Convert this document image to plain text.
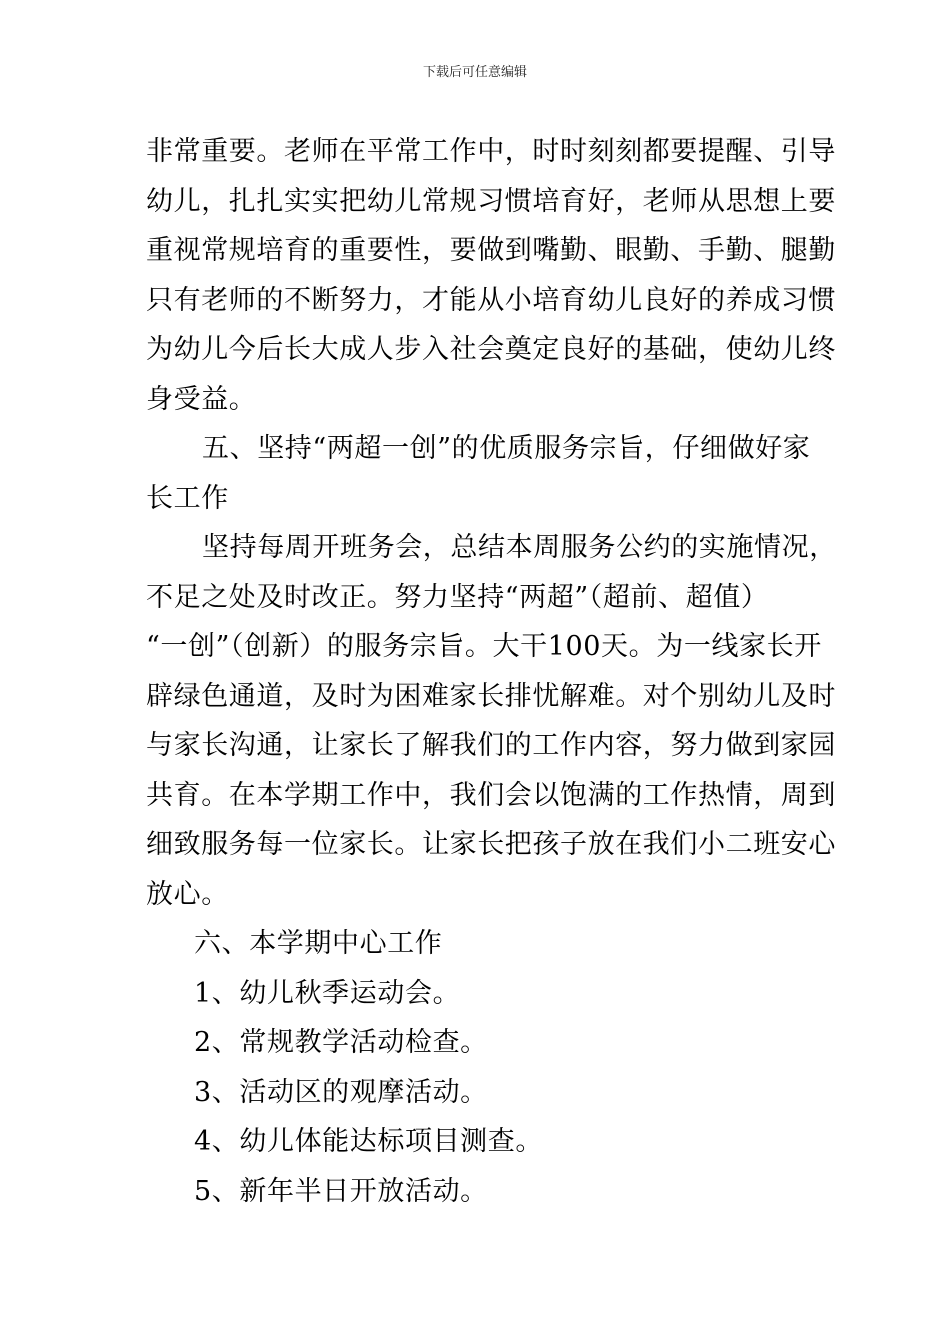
下载后可任意编辑
非常重要。老师在平常工作中，时时刻刻都要提醒、引导
幼儿，扎扎实实把幼儿常规习惯培育好，老师从思想上要
重视常规培育的重要性，要做到嘴勤、眼勤、手勤、腿勤
只有老师的不断努力，才能从小培育幼儿良好的养成习惯
为幼儿今后长大成人步入社会奠定良好的基础，使幼儿终
身受益。
五、坚持“两超一创”的优质服务宗旨，仔细做好家
长工作
坚持每周开班务会，总结本周服务公约的实施情况，
不足之处及时改正。努力坚持“两超”（超前、超值）
“一创”（创新）的服务宗旨。大干100天。为一线家长开
辟绿色通道，及时为困难家长排忧解难。对个别幼儿及时
与家长沟通，让家长了解我们的工作内容，努力做到家园
共育。在本学期工作中，我们会以饱满的工作热情，周到
细致服务每一位家长。让家长把孩子放在我们小二班安心
放心。
六、本学期中心工作
1、幼儿秋季运动会。
2、常规教学活动检查。
3、活动区的观摩活动。
4、幼儿体能达标项目测查。
5、新年半日开放活动。
